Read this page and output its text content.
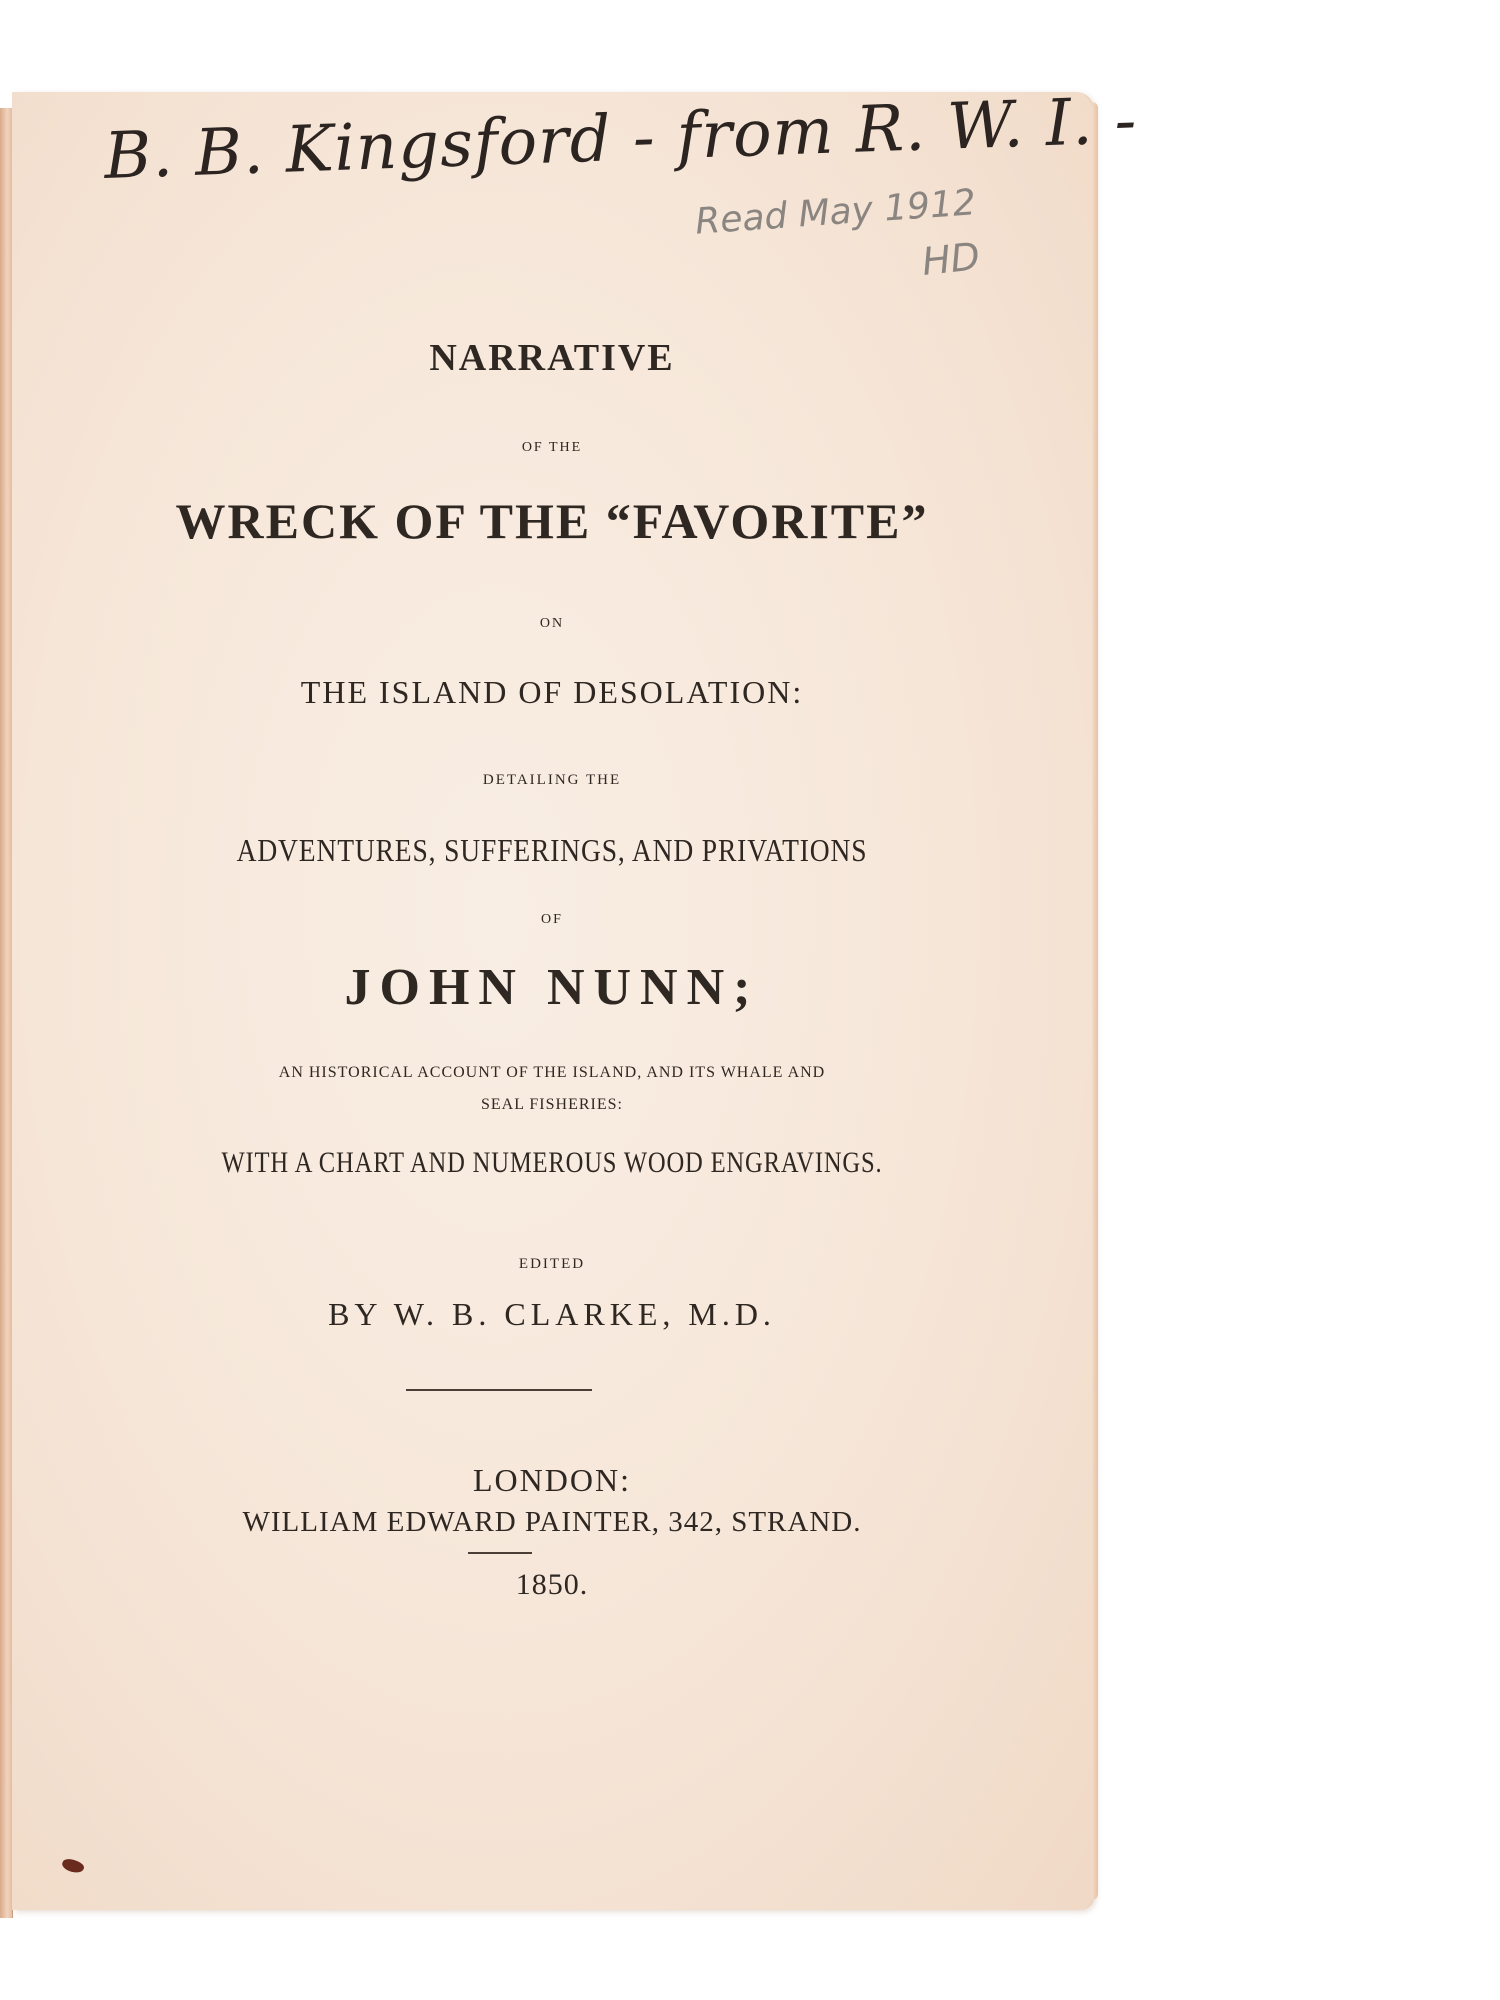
B. B. Kingsford - from R. W. I. -
Read May 1912
HD
NARRATIVE
OF THE
WRECK OF THE “FAVORITE”
ON
THE ISLAND OF DESOLATION:
DETAILING THE
ADVENTURES, SUFFERINGS, AND PRIVATIONS
OF
JOHN NUNN;
AN HISTORICAL ACCOUNT OF THE ISLAND, AND ITS WHALE AND
SEAL FISHERIES:
WITH A CHART AND NUMEROUS WOOD ENGRAVINGS.
EDITED
BY W. B. CLARKE, M.D.
LONDON:
WILLIAM EDWARD PAINTER, 342, STRAND.
1850.
